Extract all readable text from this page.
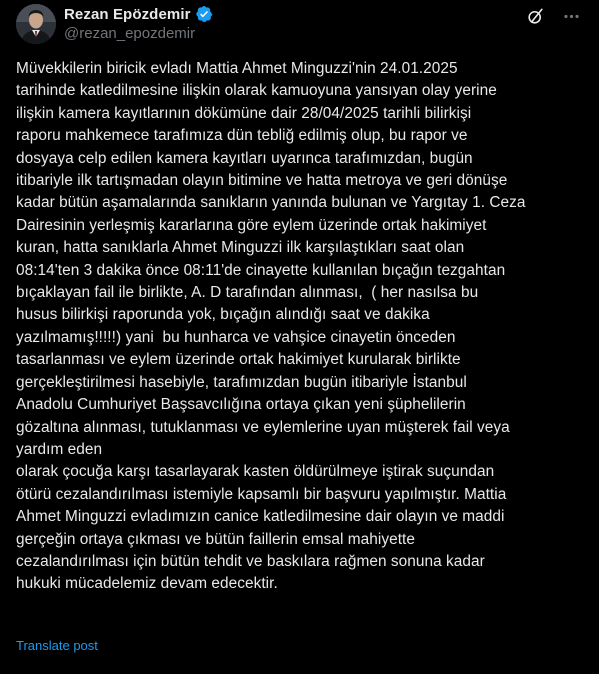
Rezan Epözdemir
@rezan_epozdemir
Müvekkilerin biricik evladı Mattia Ahmet Minguzzi'nin 24.01.2025
tarihinde katledilmesine ilişkin olarak kamuoyuna yansıyan olay yerine
ilişkin kamera kayıtlarının dökümüne dair 28/04/2025 tarihli bilirkişi
raporu mahkemece tarafımıza dün tebliğ edilmiş olup, bu rapor ve
dosyaya celp edilen kamera kayıtları uyarınca tarafımızdan, bugün
itibariyle ilk tartışmadan olayın bitimine ve hatta metroya ve geri dönüşe
kadar bütün aşamalarında sanıkların yanında bulunan ve Yargıtay 1. Ceza
Dairesinin yerleşmiş kararlarına göre eylem üzerinde ortak hakimiyet
kuran, hatta sanıklarla Ahmet Minguzzi ilk karşılaştıkları saat olan
08:14'ten 3 dakika önce 08:11'de cinayette kullanılan bıçağın tezgahtan
bıçaklayan fail ile birlikte, A. D tarafından alınması,  ( her nasılsa bu
husus bilirkişi raporunda yok, bıçağın alındığı saat ve dakika
yazılmamış!!!!!) yani  bu hunharca ve vahşice cinayetin önceden
tasarlanması ve eylem üzerinde ortak hakimiyet kurularak birlikte
gerçekleştirilmesi hasebiyle, tarafımızdan bugün itibariyle İstanbul
Anadolu Cumhuriyet Başsavcılığına ortaya çıkan yeni şüphelilerin
gözaltına alınması, tutuklanması ve eylemlerine uyan müşterek fail veya
yardım eden
olarak çocuğa karşı tasarlayarak kasten öldürülmeye iştirak suçundan
ötürü cezalandırılması istemiyle kapsamlı bir başvuru yapılmıştır. Mattia
Ahmet Minguzzi evladımızın canice katledilmesine dair olayın ve maddi
gerçeğin ortaya çıkması ve bütün faillerin emsal mahiyette
cezalandırılması için bütün tehdit ve baskılara rağmen sonuna kadar
hukuki mücadelemiz devam edecektir.
Translate post
